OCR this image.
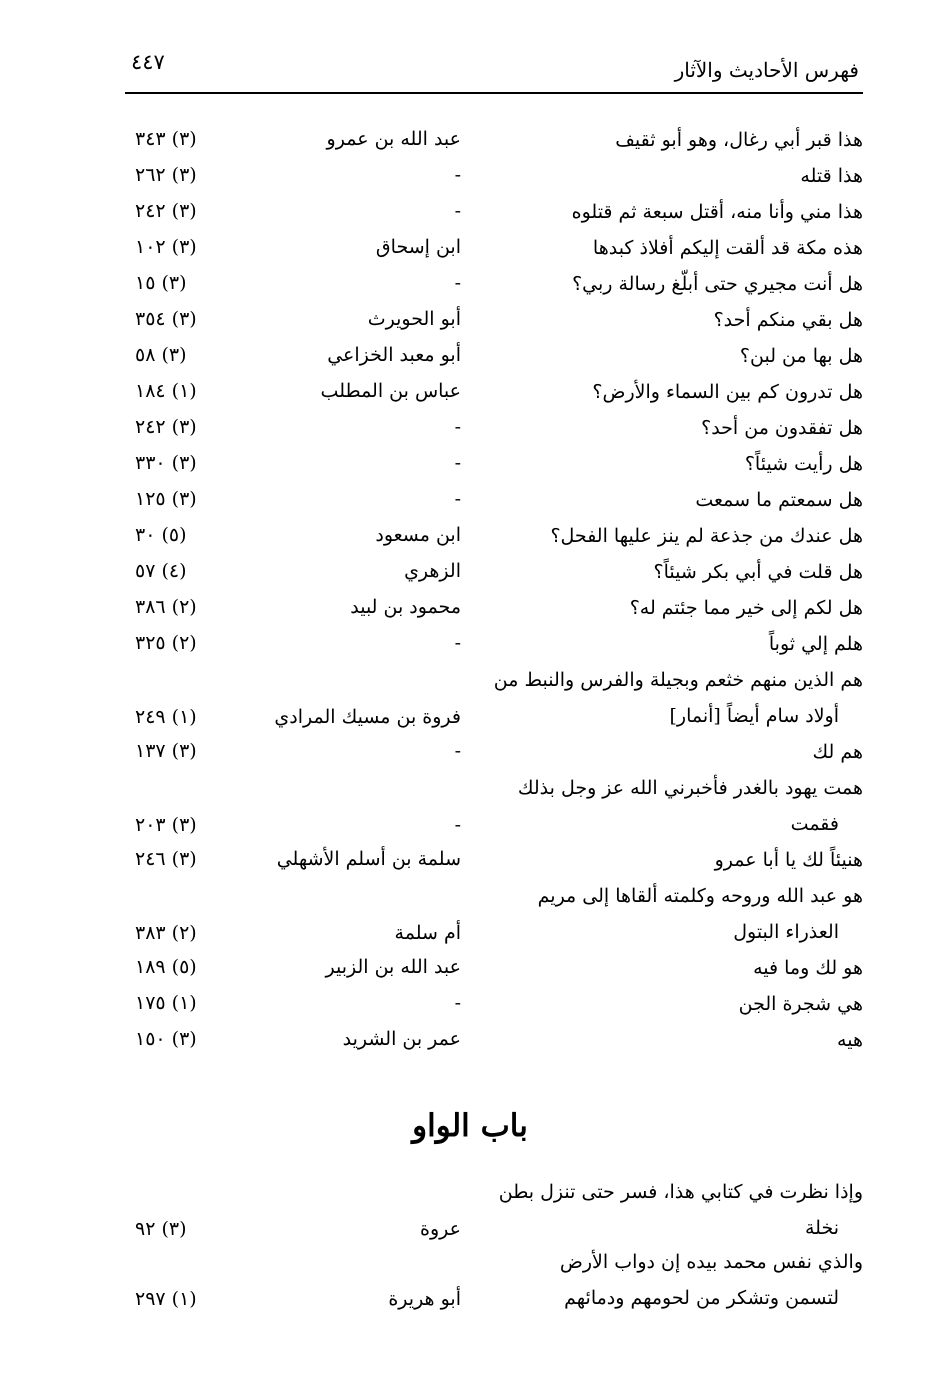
فهرس الأحاديث والآثار
٤٤٧
هذا قبر أبي رغال، وهو أبو ثقيف
عبد الله بن عمرو
(٣) ٣٤٣
هذا قتله
-
(٣) ٢٦٢
هذا مني وأنا منه، أقتل سبعة ثم قتلوه
-
(٣) ٢٤٢
هذه مكة قد ألقت إليكم أفلاذ كبدها
ابن إسحاق
(٣) ١٠٢
هل أنت مجيري حتى أبلّغ رسالة ربي؟
-
(٣) ١٥
هل بقي منكم أحد؟
أبو الحويرث
(٣) ٣٥٤
هل بها من لبن؟
أبو معبد الخزاعي
(٣) ٥٨
هل تدرون كم بين السماء والأرض؟
عباس بن المطلب
(١) ١٨٤
هل تفقدون من أحد؟
-
(٣) ٢٤٢
هل رأيت شيئاً؟
-
(٣) ٣٣٠
هل سمعتم ما سمعت
-
(٣) ١٢٥
هل عندك من جذعة لم ينز عليها الفحل؟
ابن مسعود
(٥) ٣٠
هل قلت في أبي بكر شيئاً؟
الزهري
(٤) ٥٧
هل لكم إلى خير مما جئتم له؟
محمود بن لبيد
(٢) ٣٨٦
هلم إلي ثوباً
-
(٢) ٣٢٥
هم الذين منهم خثعم وبجيلة والفرس والنبط من
أولاد سام أيضاً [أنمار]
فروة بن مسيك المرادي
(١) ٢٤٩
هم لك
-
(٣) ١٣٧
همت يهود بالغدر فأخبرني الله عز وجل بذلك
فقمت
-
(٣) ٢٠٣
هنيئاً لك يا أبا عمرو
سلمة بن أسلم الأشهلي
(٣) ٢٤٦
هو عبد الله وروحه وكلمته ألقاها إلى مريم
العذراء البتول
أم سلمة
(٢) ٣٨٣
هو لك وما فيه
عبد الله بن الزبير
(٥) ١٨٩
هي شجرة الجن
-
(١) ١٧٥
هيه
عمر بن الشريد
(٣) ١٥٠
باب الواو
وإذا نظرت في كتابي هذا، فسر حتى تنزل بطن
نخلة
عروة
(٣) ٩٢
والذي نفس محمد بيده إن دواب الأرض
لتسمن وتشكر من لحومهم ودمائهم
أبو هريرة
(١) ٢٩٧
